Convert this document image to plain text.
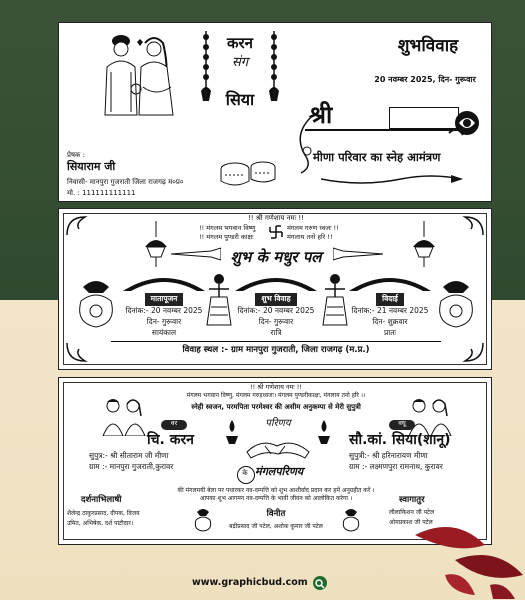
करन
संग
सिया
शुभविवाह
20 नवम्बर 2025, दिन- गुरूवार
श्री
मीणा परिवार का स्नेह आमंत्रण
प्रेषक :
सियाराम जी
निवासी- मानपुरा गुजराती जिला राजगढ़ म०प्र०
मो. : 111111111111
!! श्री गणेशाय नमः !!
!! मंगलम भगवान विष्णु
!! मंगलम पुण्डरी काक्षः
मंगलम गरुण ध्वजः !!
मंगलाय तनो हरि !!
शुभ के मधुर पल
मातापूजन
दिनांक:- 20 नवम्बर 2025
दिन- गुरूवार
सायंकाल
शुभ विवाह
दिनांक:- 20 नवम्बर 2025
दिन- गुरूवार
रात्रि
विदाई
दिनांक:- 21 नवम्बर 2025
दिन- शुक्रवार
प्रातः
विवाह स्थल :- ग्राम मानपुरा गुजराती, जिला राजगढ़ (म.प्र.)
!! श्री गणेशाय नमः !!
मंगलम भगवान विष्णु, मंगलम गरुड़ध्वजः। मंगलम पुण्डरीकाक्षः, मंगलाय तनो हरि ।।
स्नेही स्वजन, परमपिता परमेश्वर की असीम अनुकम्पा से मेरी सुपुत्री
वर	वधू
चि. करन
सुपुत्र:- श्री सीताराम जी मीणा
ग्राम :- मानपुरा गुजराती,कुरावर
सौ.कां. सिया(शानू)
सुपुत्री:- श्री हरिनारायण मीणा
ग्राम :- लक्ष्मणपुरा रामनाथ, कुरावर
परिणय
के मंगलपरिणय
की मंगलमयी बेला पर पधारकर नव-दम्पत्ति को शुभ आशीर्वाद प्रदान कर हमें अनुग्रहीत करें ।
आपका शुभ आगमन नव-दम्पत्ति के भावी जीवन को आलोकित करेगा ।
दर्शनाभिलाषी
शैलेन्द्र ठाकुरप्रसाद, दीपक, विजय
उमित, अभिषेक, दर्श पाटीदार।
विनीत
बद्रीप्रसाद जी पटेल, अशोक कुमार जी पटेल
स्वागातुर
लीलाकिशन जी पटेल
ओमप्रकाश जी पटेल
www.graphicbud.com
